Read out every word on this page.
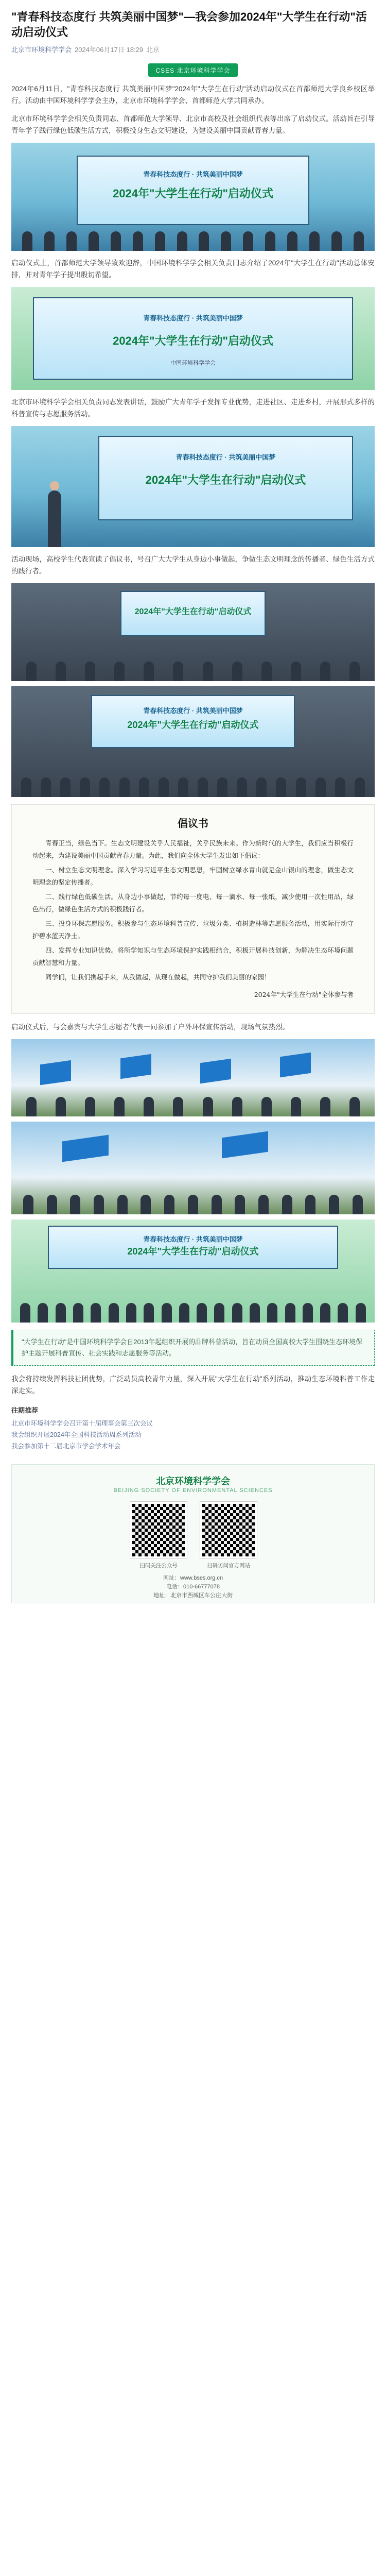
"青春科技态度行 共筑美丽中国梦"—我会参加2024年"大学生在行动"活动启动仪式
北京市环境科学学会 2024年06月17日 18:29 北京
CSES 北京环境科学学会

2024年6月11日，"青春科技态度行 共筑美丽中国梦"2024年"大学生在行动"活动启动仪式在首都师范大学良乡校区举行。活动由中国环境科学学会主办，北京市环境科学学会、首都师范大学共同承办。

北京市环境科学学会相关负责同志、首都师范大学领导、北京市高校及社会组织代表等出席了启动仪式。活动旨在引导青年学子践行绿色低碳生活方式，积极投身生态文明建设，为建设美丽中国贡献青春力量。

青春科技态度行 · 共筑美丽中国梦
2024年"大学生在行动"启动仪式

启动仪式上，首都师范大学领导致欢迎辞，中国环境科学学会相关负责同志介绍了2024年"大学生在行动"活动总体安排，并对青年学子提出殷切希望。

青春科技态度行 · 共筑美丽中国梦
2024年"大学生在行动"启动仪式
中国环境科学学会

北京市环境科学学会相关负责同志发表讲话，鼓励广大青年学子发挥专业优势，走进社区、走进乡村，开展形式多样的科普宣传与志愿服务活动。

青春科技态度行 · 共筑美丽中国梦
2024年"大学生在行动"启动仪式

活动现场，高校学生代表宣读了倡议书，号召广大大学生从身边小事做起，争做生态文明理念的传播者、绿色生活方式的践行者。

2024年"大学生在行动"启动仪式
青春科技态度行 · 共筑美丽中国梦
2024年"大学生在行动"启动仪式
倡议书

青春正当，绿色当下。生态文明建设关乎人民福祉，关乎民族未来。作为新时代的大学生，我们应当积极行动起来，为建设美丽中国贡献青春力量。为此，我们向全体大学生发出如下倡议：

一、树立生态文明理念。深入学习习近平生态文明思想，牢固树立绿水青山就是金山银山的理念，做生态文明理念的坚定传播者。

二、践行绿色低碳生活。从身边小事做起，节约每一度电、每一滴水、每一张纸，减少使用一次性用品，绿色出行，做绿色生活方式的积极践行者。

三、投身环保志愿服务。积极参与生态环境科普宣传、垃圾分类、植树造林等志愿服务活动，用实际行动守护碧水蓝天净土。

四、发挥专业知识优势。将所学知识与生态环境保护实践相结合，积极开展科技创新，为解决生态环境问题贡献智慧和力量。

同学们，让我们携起手来，从我做起，从现在做起，共同守护我们美丽的家园！

2024年"大学生在行动"全体参与者

启动仪式后，与会嘉宾与大学生志愿者代表一同参加了户外环保宣传活动，现场气氛热烈。

青春科技态度行 · 共筑美丽中国梦
2024年"大学生在行动"启动仪式
"大学生在行动"是中国环境科学学会自2013年起组织开展的品牌科普活动，旨在动员全国高校大学生围绕生态环境保护主题开展科普宣传、社会实践和志愿服务等活动。

我会将持续发挥科技社团优势，广泛动员高校青年力量，深入开展"大学生在行动"系列活动，推动生态环境科普工作走深走实。

往期推荐
北京市环境科学学会召开第十届理事会第三次会议
我会组织开展2024年全国科技活动周系列活动
我会参加第十二届北京市学会学术年会
北京环境科学学会
BEIJING SOCIETY OF ENVIRONMENTAL SCIENCES
扫码关注公众号	扫码访问官方网站
网址：www.bses.org.cn
电话：010-66777078
地址：北京市西城区车公庄大街
